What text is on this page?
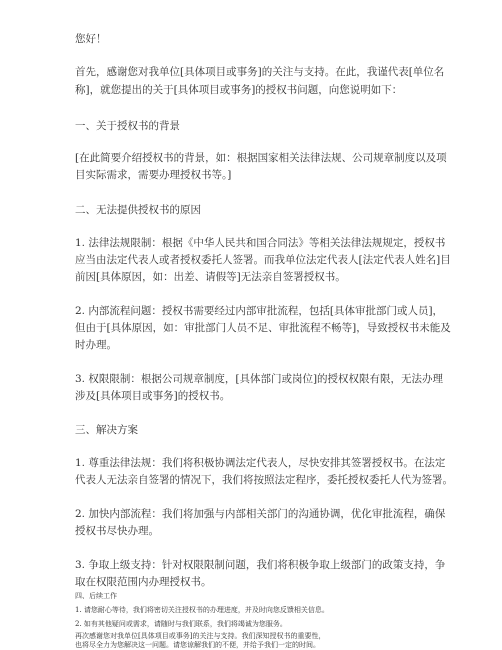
您好！
首先，感谢您对我单位[具体项目或事务]的关注与支持。在此，我谨代表[单位名
称]，就您提出的关于[具体项目或事务]的授权书问题，向您说明如下：
一、关于授权书的背景
[在此简要介绍授权书的背景，如：根据国家相关法律法规、公司规章制度以及项
目实际需求，需要办理授权书等。]
二、无法提供授权书的原因
1. 法律法规限制：根据《中华人民共和国合同法》等相关法律法规规定，授权书
应当由法定代表人或者授权委托人签署。而我单位法定代表人[法定代表人姓名]目
前因[具体原因，如：出差、请假等]无法亲自签署授权书。
2. 内部流程问题：授权书需要经过内部审批流程，包括[具体审批部门或人员]，
但由于[具体原因，如：审批部门人员不足、审批流程不畅等]，导致授权书未能及
时办理。
3. 权限限制：根据公司规章制度，[具体部门或岗位]的授权权限有限，无法办理
涉及[具体项目或事务]的授权书。
三、解决方案
1. 尊重法律法规：我们将积极协调法定代表人，尽快安排其签署授权书。在法定
代表人无法亲自签署的情况下，我们将按照法定程序，委托授权委托人代为签署。
2. 加快内部流程：我们将加强与内部相关部门的沟通协调，优化审批流程，确保
授权书尽快办理。
3. 争取上级支持：针对权限限制问题，我们将积极争取上级部门的政策支持，争
取在权限范围内办理授权书。
四、后续工作
1. 请您耐心等待，我们将密切关注授权书的办理进度，并及时向您反馈相关信息。
2. 如有其他疑问或需求，请随时与我们联系，我们将竭诚为您服务。
再次感谢您对我单位[具体项目或事务]的关注与支持。我们深知授权书的重要性，
也将尽全力为您解决这一问题。请您谅解我们的不便，并给予我们一定的时间。
